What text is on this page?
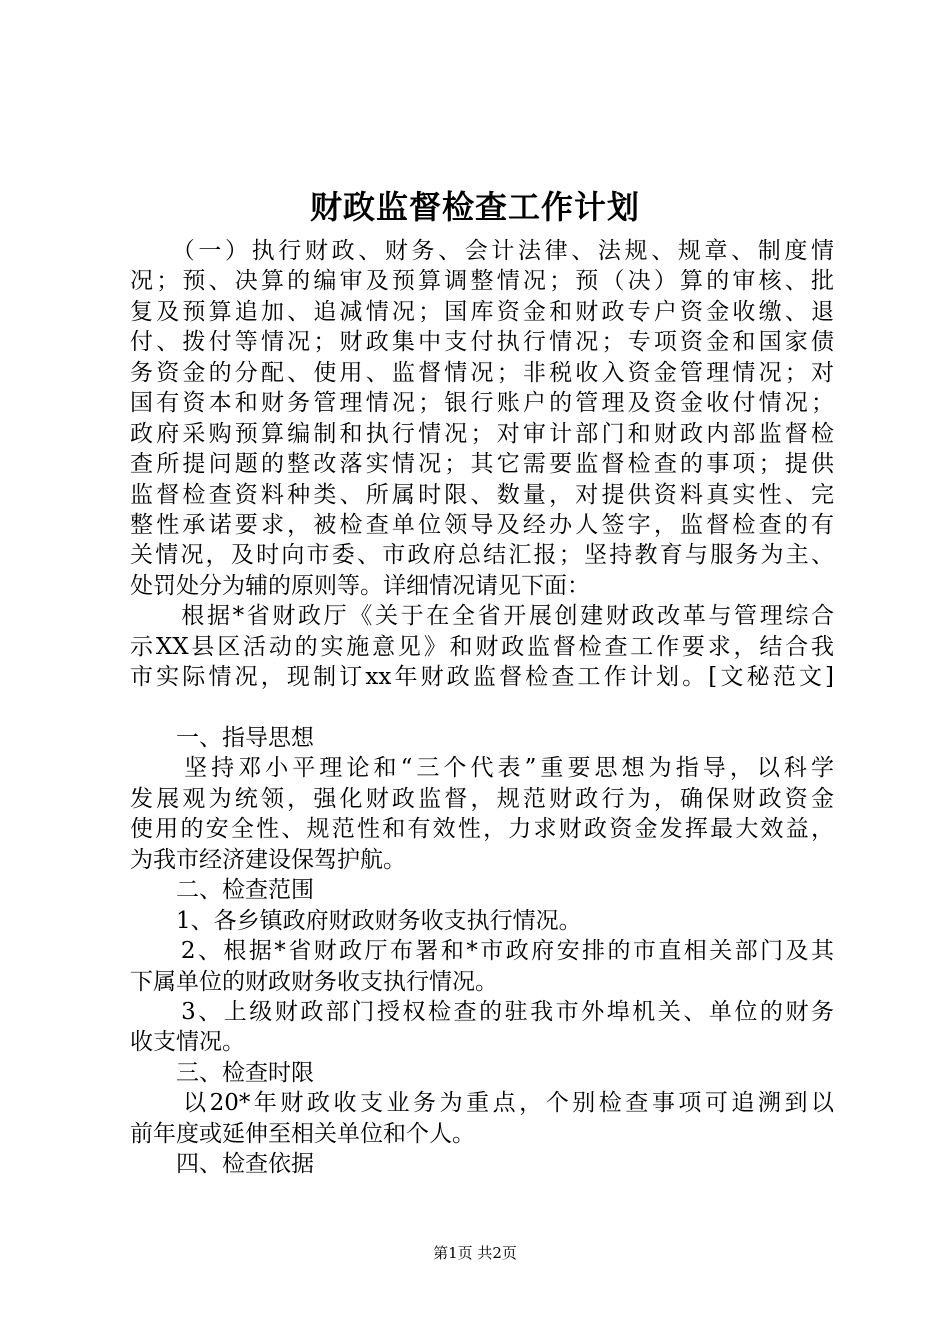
财政监督检查工作计划
　　（一）执行财政、财务、会计法律、法规、规章、制度情
况；预、决算的编审及预算调整情况；预（决）算的审核、批
复及预算追加、追减情况；国库资金和财政专户资金收缴、退
付、拨付等情况；财政集中支付执行情况；专项资金和国家债
务资金的分配、使用、监督情况；非税收入资金管理情况；对
国有资本和财务管理情况；银行账户的管理及资金收付情况；
政府采购预算编制和执行情况；对审计部门和财政内部监督检
查所提问题的整改落实情况；其它需要监督检查的事项；提供
监督检查资料种类、所属时限、数量，对提供资料真实性、完
整性承诺要求，被检查单位领导及经办人签字，监督检查的有
关情况，及时向市委、市政府总结汇报；坚持教育与服务为主、
处罚处分为辅的原则等。详细情况请见下面：
　　根据*省财政厅《关于在全省开展创建财政改革与管理综合
示XX县区活动的实施意见》和财政监督检查工作要求，结合我
市实际情况，现制订xx年财政监督检查工作计划。[文秘范文]
　　一、指导思想
　　坚持邓小平理论和“三个代表”重要思想为指导，以科学
发展观为统领，强化财政监督，规范财政行为，确保财政资金
使用的安全性、规范性和有效性，力求财政资金发挥最大效益，
为我市经济建设保驾护航。
　　二、检查范围
　　1、各乡镇政府财政财务收支执行情况。
　　2、根据*省财政厅布署和*市政府安排的市直相关部门及其
下属单位的财政财务收支执行情况。
　　3、上级财政部门授权检查的驻我市外埠机关、单位的财务
收支情况。
　　三、检查时限
　　以20*年财政收支业务为重点，个别检查事项可追溯到以
前年度或延伸至相关单位和个人。
　　四、检查依据
第1页 共2页
